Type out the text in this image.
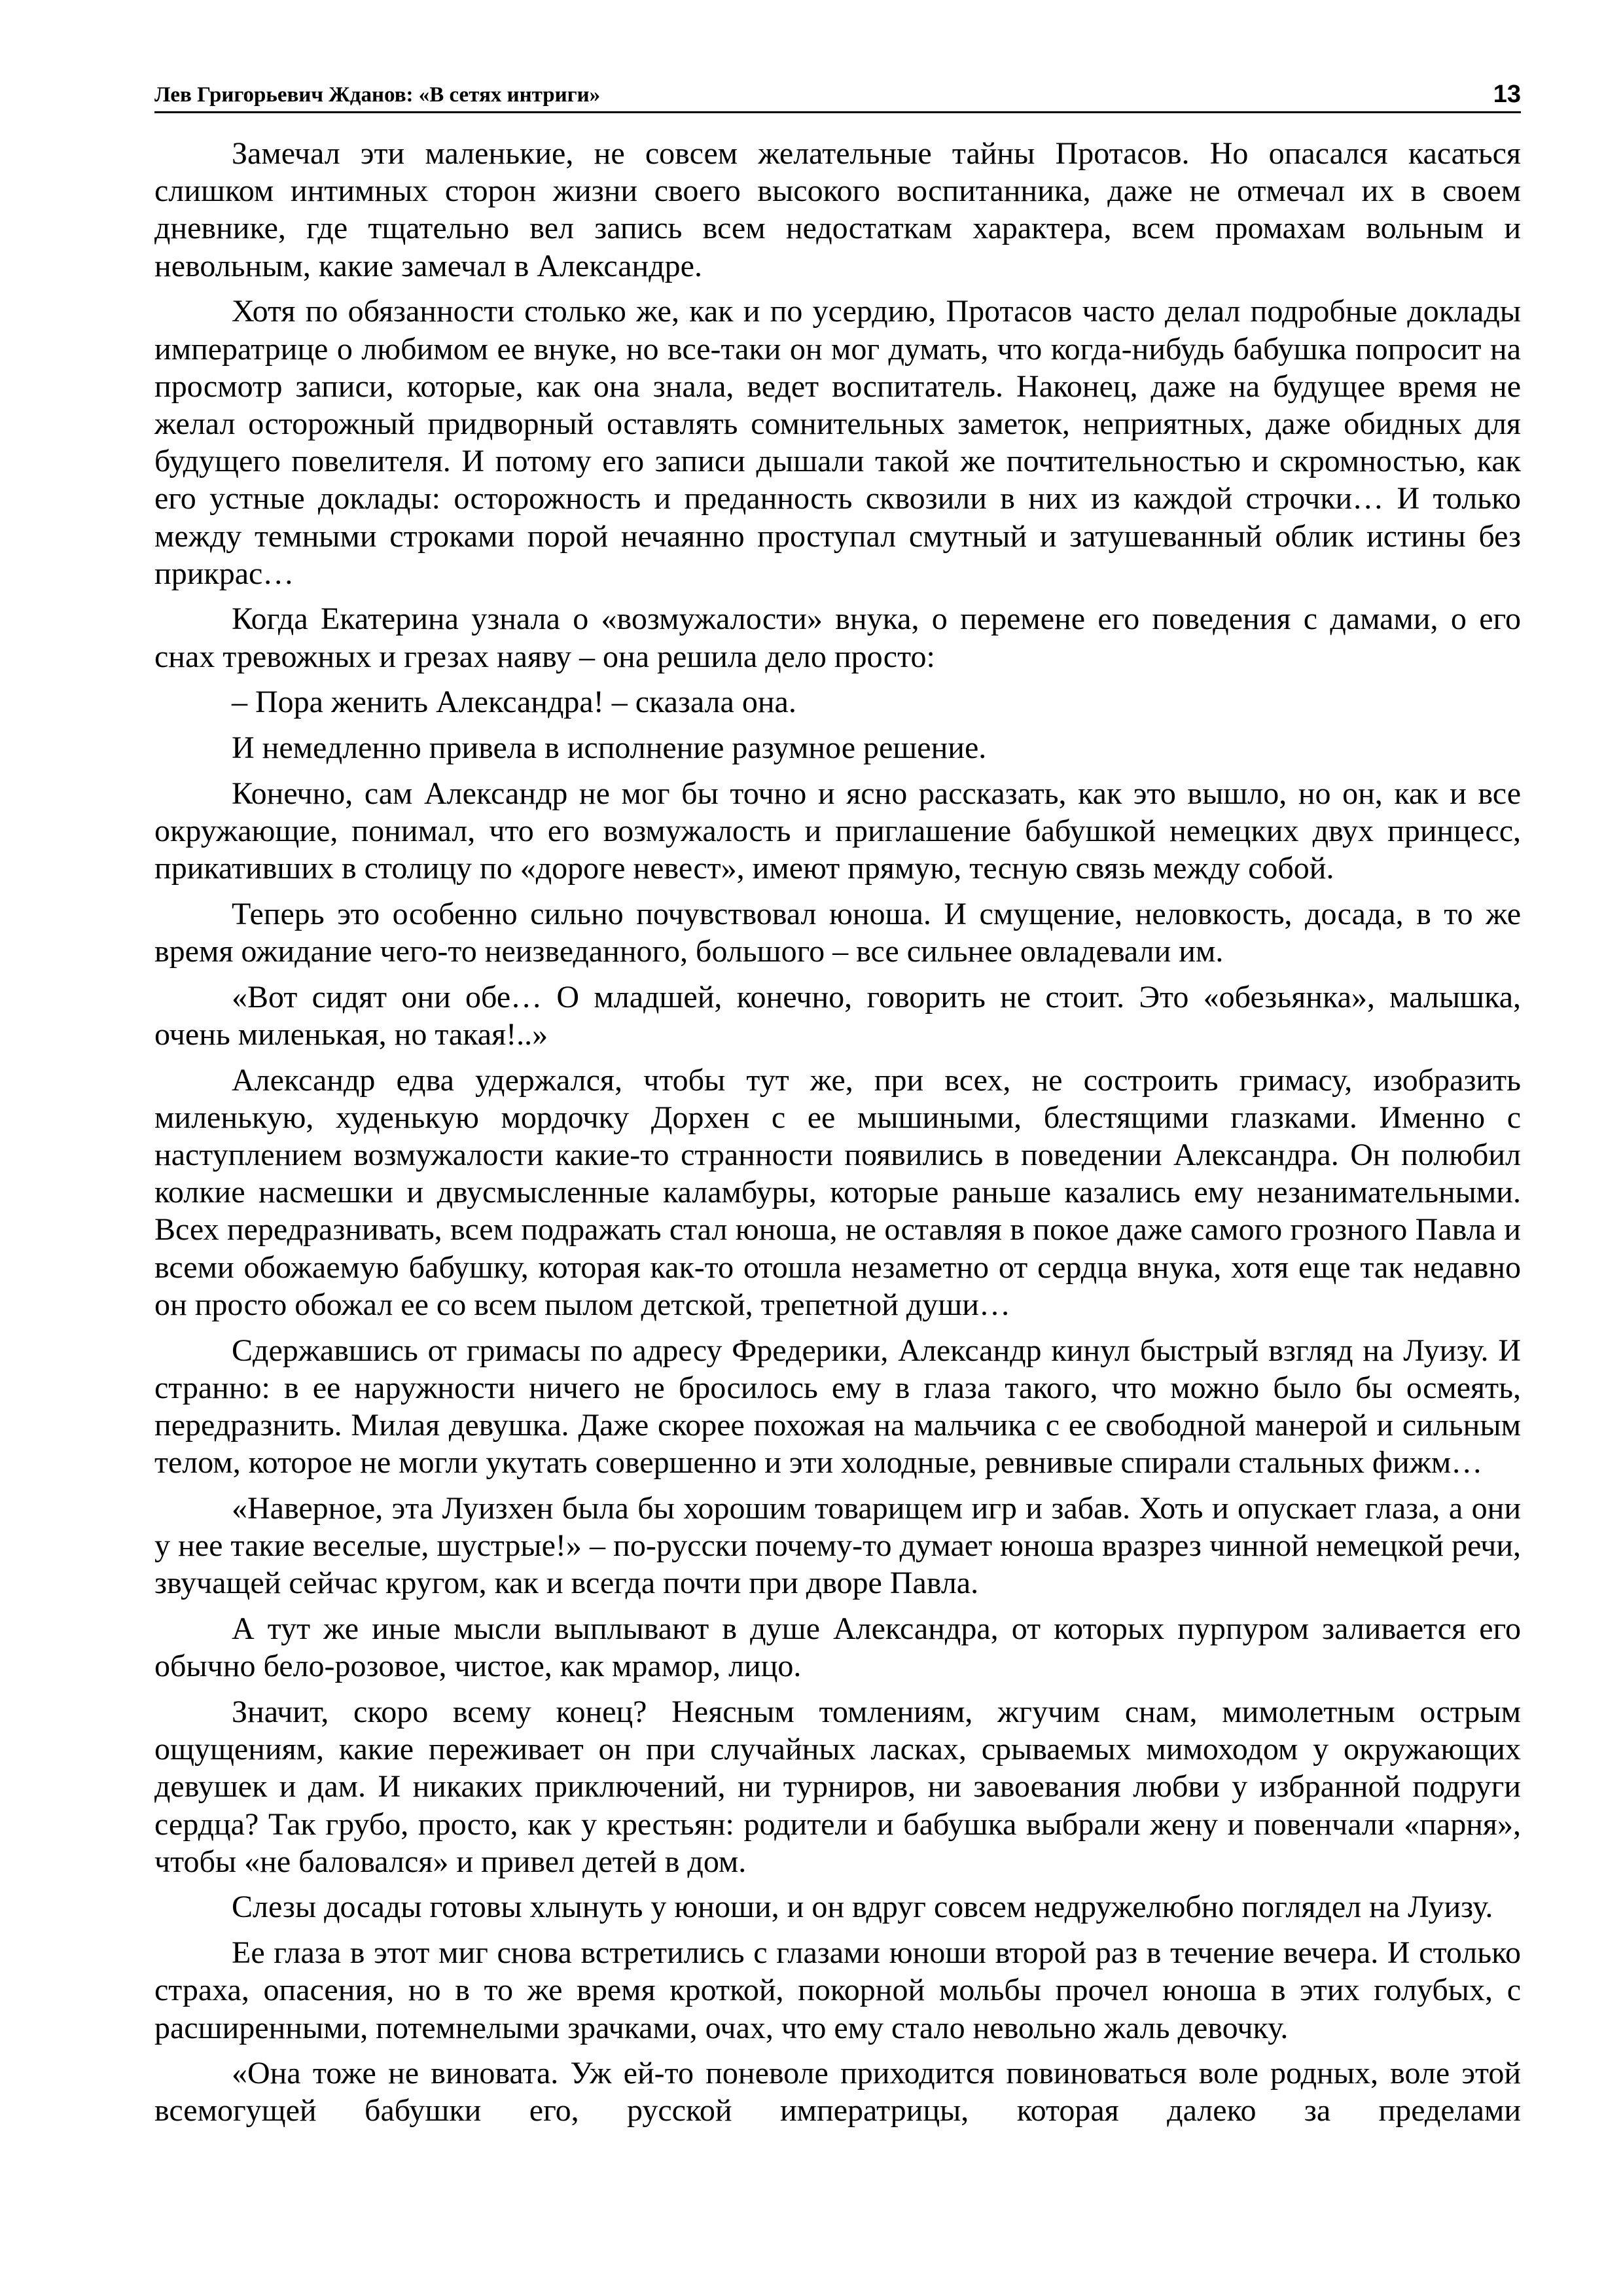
Лев Григорьевич Жданов: «В сетях интриги»	13

Замечал эти маленькие, не совсем желательные тайны Протасов. Но опасался касаться слишком интимных сторон жизни своего высокого воспитанника, даже не отмечал их в своем дневнике, где тщательно вел запись всем недостаткам характера, всем промахам вольным и невольным, какие замечал в Александре.

Хотя по обязанности столько же, как и по усердию, Протасов часто делал подробные доклады императрице о любимом ее внуке, но все-таки он мог думать, что когда-нибудь бабушка попросит на просмотр записи, которые, как она знала, ведет воспитатель. Наконец, даже на будущее время не желал осторожный придворный оставлять сомнительных заметок, неприятных, даже обидных для будущего повелителя. И потому его записи дышали такой же почтительностью и скромностью, как его устные доклады: осторожность и преданность сквозили в них из каждой строчки… И только между темными строками порой нечаянно проступал смутный и затушеванный облик истины без прикрас…

Когда Екатерина узнала о «возмужалости» внука, о перемене его поведения с дамами, о его снах тревожных и грезах наяву – она решила дело просто:

– Пора женить Александра! – сказала она.

И немедленно привела в исполнение разумное решение.

Конечно, сам Александр не мог бы точно и ясно рассказать, как это вышло, но он, как и все окружающие, понимал, что его возмужалость и приглашение бабушкой немецких двух принцесс, прикативших в столицу по «дороге невест», имеют прямую, тесную связь между собой.

Теперь это особенно сильно почувствовал юноша. И смущение, неловкость, досада, в то же время ожидание чего-то неизведанного, большого – все сильнее овладевали им.

«Вот сидят они обе… О младшей, конечно, говорить не стоит. Это «обезьянка», малышка, очень миленькая, но такая!..»

Александр едва удержался, чтобы тут же, при всех, не состроить гримасу, изобразить миленькую, худенькую мордочку Дорхен с ее мышиными, блестящими глазками. Именно с наступлением возмужалости какие-то странности появились в поведении Александра. Он полюбил колкие насмешки и двусмысленные каламбуры, которые раньше казались ему незанимательными. Всех передразнивать, всем подражать стал юноша, не оставляя в покое даже самого грозного Павла и всеми обожаемую бабушку, которая как-то отошла незаметно от сердца внука, хотя еще так недавно он просто обожал ее со всем пылом детской, трепетной души…

Сдержавшись от гримасы по адресу Фредерики, Александр кинул быстрый взгляд на Луизу. И странно: в ее наружности ничего не бросилось ему в глаза такого, что можно было бы осмеять, передразнить. Милая девушка. Даже скорее похожая на мальчика с ее свободной манерой и сильным телом, которое не могли укутать совершенно и эти холодные, ревнивые спирали стальных фижм…

«Наверное, эта Луизхен была бы хорошим товарищем игр и забав. Хоть и опускает глаза, а они у нее такие веселые, шустрые!» – по-русски почему-то думает юноша вразрез чинной немецкой речи, звучащей сейчас кругом, как и всегда почти при дворе Павла.

А тут же иные мысли выплывают в душе Александра, от которых пурпуром заливается его обычно бело-розовое, чистое, как мрамор, лицо.

Значит, скоро всему конец? Неясным томлениям, жгучим снам, мимолетным острым ощущениям, какие переживает он при случайных ласках, срываемых мимоходом у окружающих девушек и дам. И никаких приключений, ни турниров, ни завоевания любви у избранной подруги сердца? Так грубо, просто, как у крестьян: родители и бабушка выбрали жену и повенчали «парня», чтобы «не баловался» и привел детей в дом.

Слезы досады готовы хлынуть у юноши, и он вдруг совсем недружелюбно поглядел на Луизу.

Ее глаза в этот миг снова встретились с глазами юноши второй раз в течение вечера. И столько страха, опасения, но в то же время кроткой, покорной мольбы прочел юноша в этих голубых, с расширенными, потемнелыми зрачками, очах, что ему стало невольно жаль девочку.

«Она тоже не виновата. Уж ей-то поневоле приходится повиноваться воле родных, воле этой всемогущей бабушки его, русской императрицы, которая далеко за пределами
